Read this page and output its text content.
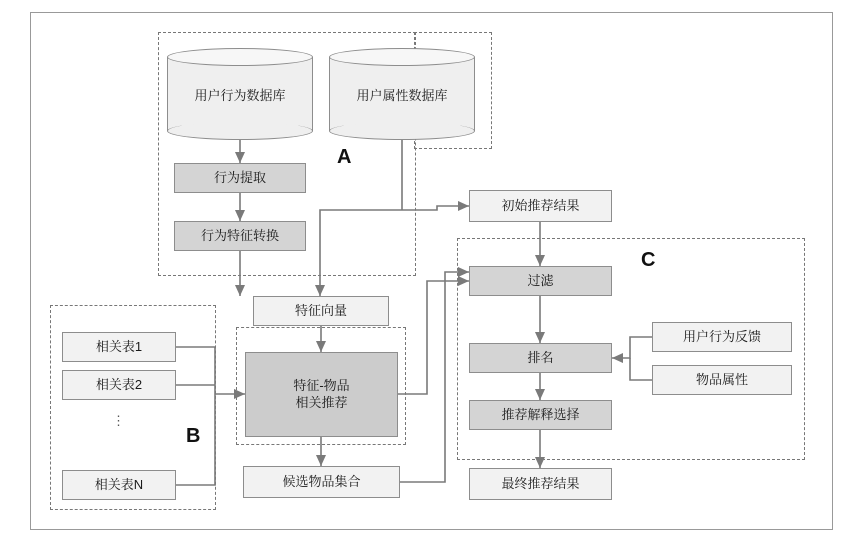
A
B
C
用户行为数据库	用户属性数据库
行为提取
行为特征转换
特征向量
相关表1
相关表2
⋮
相关表N
特征-物品
相关推荐
候选物品集合
初始推荐结果
过滤
排名
推荐解释选择
用户行为反馈
物品属性
最终推荐结果
